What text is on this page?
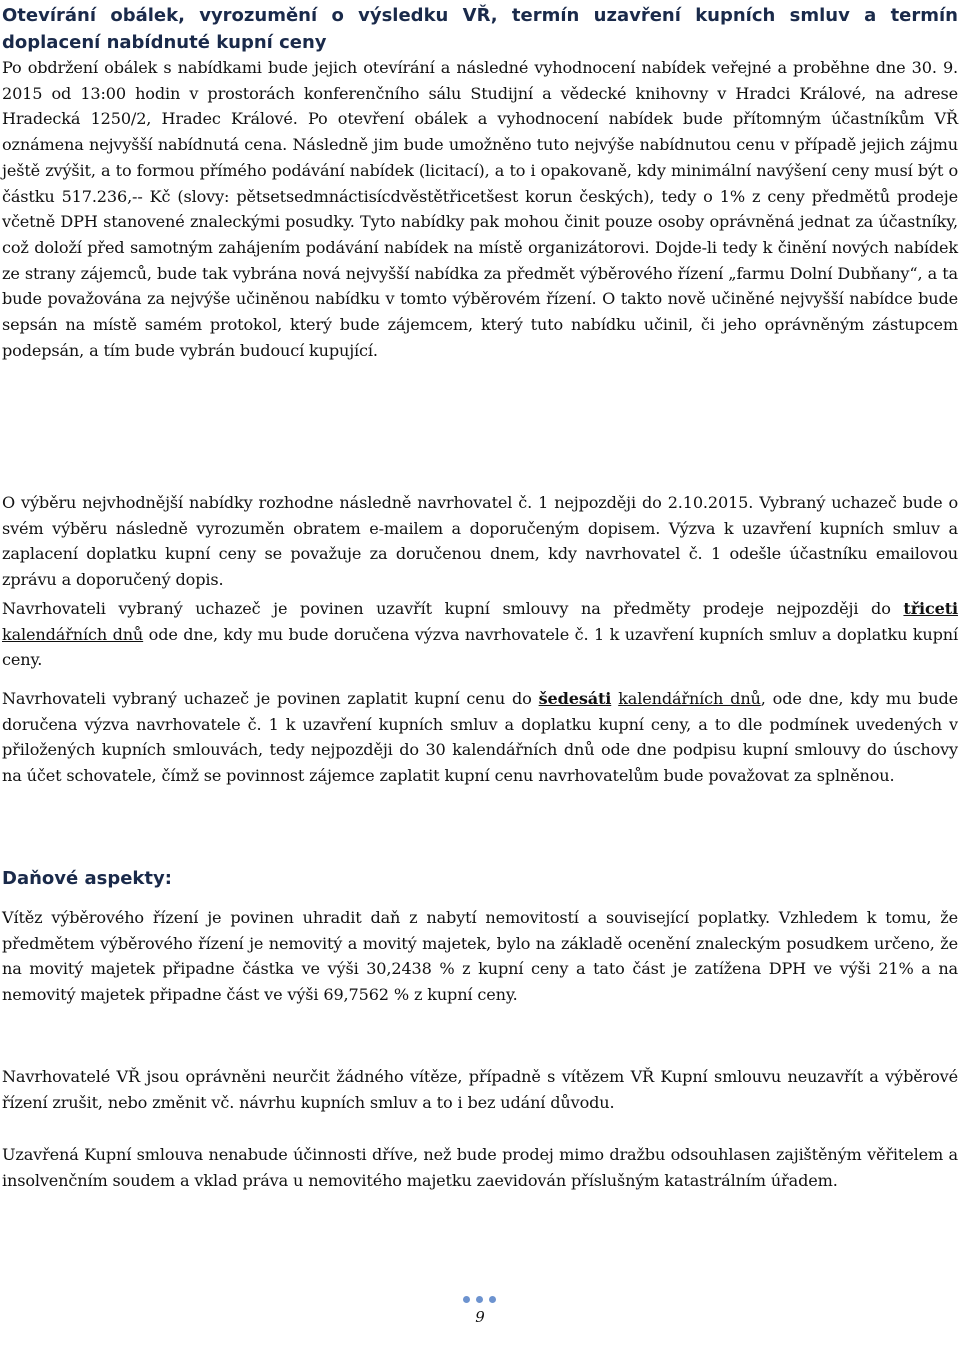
Otevírání obálek, vyrozumění o výsledku VŘ, termín uzavření kupních smluv a termín doplacení nabídnuté kupní ceny
Po obdržení obálek s nabídkami bude jejich otevírání a následné vyhodnocení nabídek veřejné a proběhne dne 30. 9. 2015 od 13:00 hodin v prostorách konferenčního sálu Studijní a vědecké knihovny v Hradci Králové, na adrese Hradecká 1250/2, Hradec Králové. Po otevření obálek a vyhodnocení nabídek bude přítomným účastníkům VŘ oznámena nejvyšší nabídnutá cena. Následně jim bude umožněno tuto nejvýše nabídnutou cenu v případě jejich zájmu ještě zvýšit, a to formou přímého podávání nabídek (licitací), a to i opakovaně, kdy minimální navýšení ceny musí být o částku 517.236,-- Kč (slovy: pětsetsedmnáctisícdvěstětřicetšest korun českých), tedy o 1% z ceny předmětů prodeje včetně DPH stanovené znaleckými posudky. Tyto nabídky pak mohou činit pouze osoby oprávněná jednat za účastníky, což doloží před samotným zahájením podávání nabídek na místě organizátorovi. Dojde-li tedy k činění nových nabídek ze strany zájemců, bude tak vybrána nová nejvyšší nabídka za předmět výběrového řízení „farmu Dolní Dubňany“, a ta bude považována za nejvýše učiněnou nabídku v tomto výběrovém řízení. O takto nově učiněné nejvyšší nabídce bude sepsán na místě samém protokol, který bude zájemcem, který tuto nabídku učinil, či jeho oprávněným zástupcem podepsán, a tím bude vybrán budoucí kupující.
O výběru nejvhodnější nabídky rozhodne následně navrhovatel č. 1 nejpozději do 2.10.2015. Vybraný uchazeč bude o svém výběru následně vyrozuměn obratem e-mailem a doporučeným dopisem. Výzva k uzavření kupních smluv a zaplacení doplatku kupní ceny se považuje za doručenou dnem, kdy navrhovatel č. 1 odešle účastníku emailovou zprávu a doporučený dopis.
Navrhovateli vybraný uchazeč je povinen uzavřít kupní smlouvy na předměty prodeje nejpozději do třiceti kalendářních dnů ode dne, kdy mu bude doručena výzva navrhovatele č. 1 k uzavření kupních smluv a doplatku kupní ceny.
Navrhovateli vybraný uchazeč je povinen zaplatit kupní cenu do šedesáti kalendářních dnů, ode dne, kdy mu bude doručena výzva navrhovatele č. 1 k uzavření kupních smluv a doplatku kupní ceny, a to dle podmínek uvedených v přiložených kupních smlouvách, tedy nejpozději do 30 kalendářních dnů ode dne podpisu kupní smlouvy do úschovy na účet schovatele, čímž se povinnost zájemce zaplatit kupní cenu navrhovatelům bude považovat za splněnou.
Daňové aspekty:
Vítěz výběrového řízení je povinen uhradit daň z nabytí nemovitostí a související poplatky. Vzhledem k tomu, že předmětem výběrového řízení je nemovitý a movitý majetek, bylo na základě ocenění znaleckým posudkem určeno, že na movitý majetek připadne částka ve výši 30,2438 % z kupní ceny a tato část je zatížena DPH ve výši 21% a na nemovitý majetek připadne část ve výši 69,7562 % z kupní ceny.
Navrhovatelé VŘ jsou oprávněni neurčit žádného vítěze, případně s vítězem VŘ Kupní smlouvu neuzavřít a výběrové řízení zrušit, nebo změnit vč. návrhu kupních smluv a to i bez udání důvodu.
Uzavřená Kupní smlouva nenabude účinnosti dříve, než bude prodej mimo dražbu odsouhlasen zajištěným věřitelem a insolvenčním soudem a vklad práva u nemovitého majetku zaevidován příslušným katastrálním úřadem.
9
